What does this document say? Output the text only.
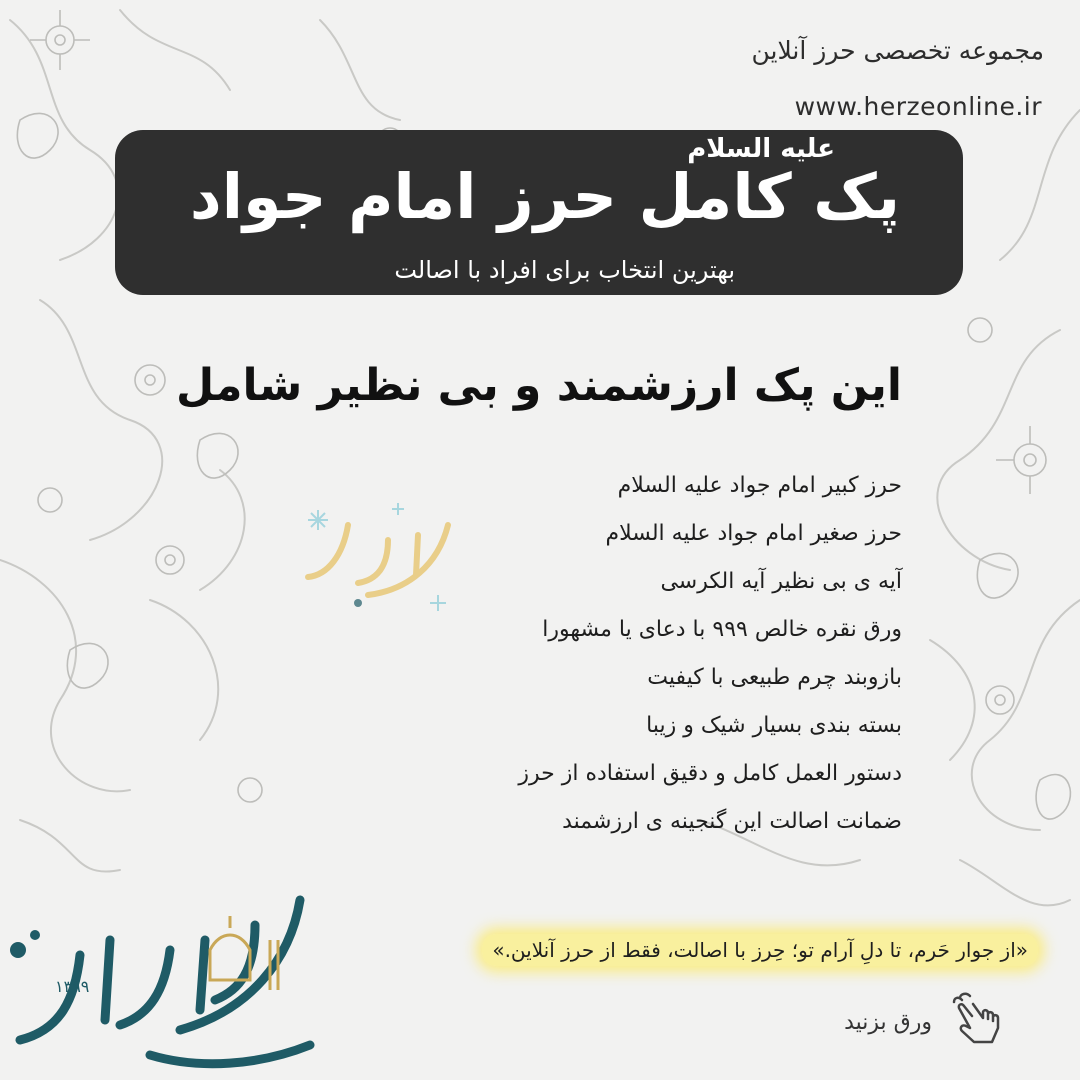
مجموعه تخصصی حرز آنلاین
www.herzeonline.ir
علیه السلام
پک کامل حرز امام جواد
بهترین انتخاب برای افراد با اصالت
این پک ارزشمند و بی نظیر شامل
حرز کبیر امام جواد علیه السلام
حرز صغیر امام جواد علیه السلام
آیه ی بی نظیر آیه الکرسی
ورق نقره خالص ۹۹۹ با دعای یا مشهورا
بازوبند چرم طبیعی با کیفیت
بسته بندی بسیار شیک و زیبا
دستور العمل کامل و دقیق استفاده از حرز
ضمانت اصالت این گنجینه ی ارزشمند
«از جوار حَرم، تا دلِ آرام تو؛ حِرز با اصالت، فقط از حرز آنلاین.»
ورق بزنید
۱۳۹۹
